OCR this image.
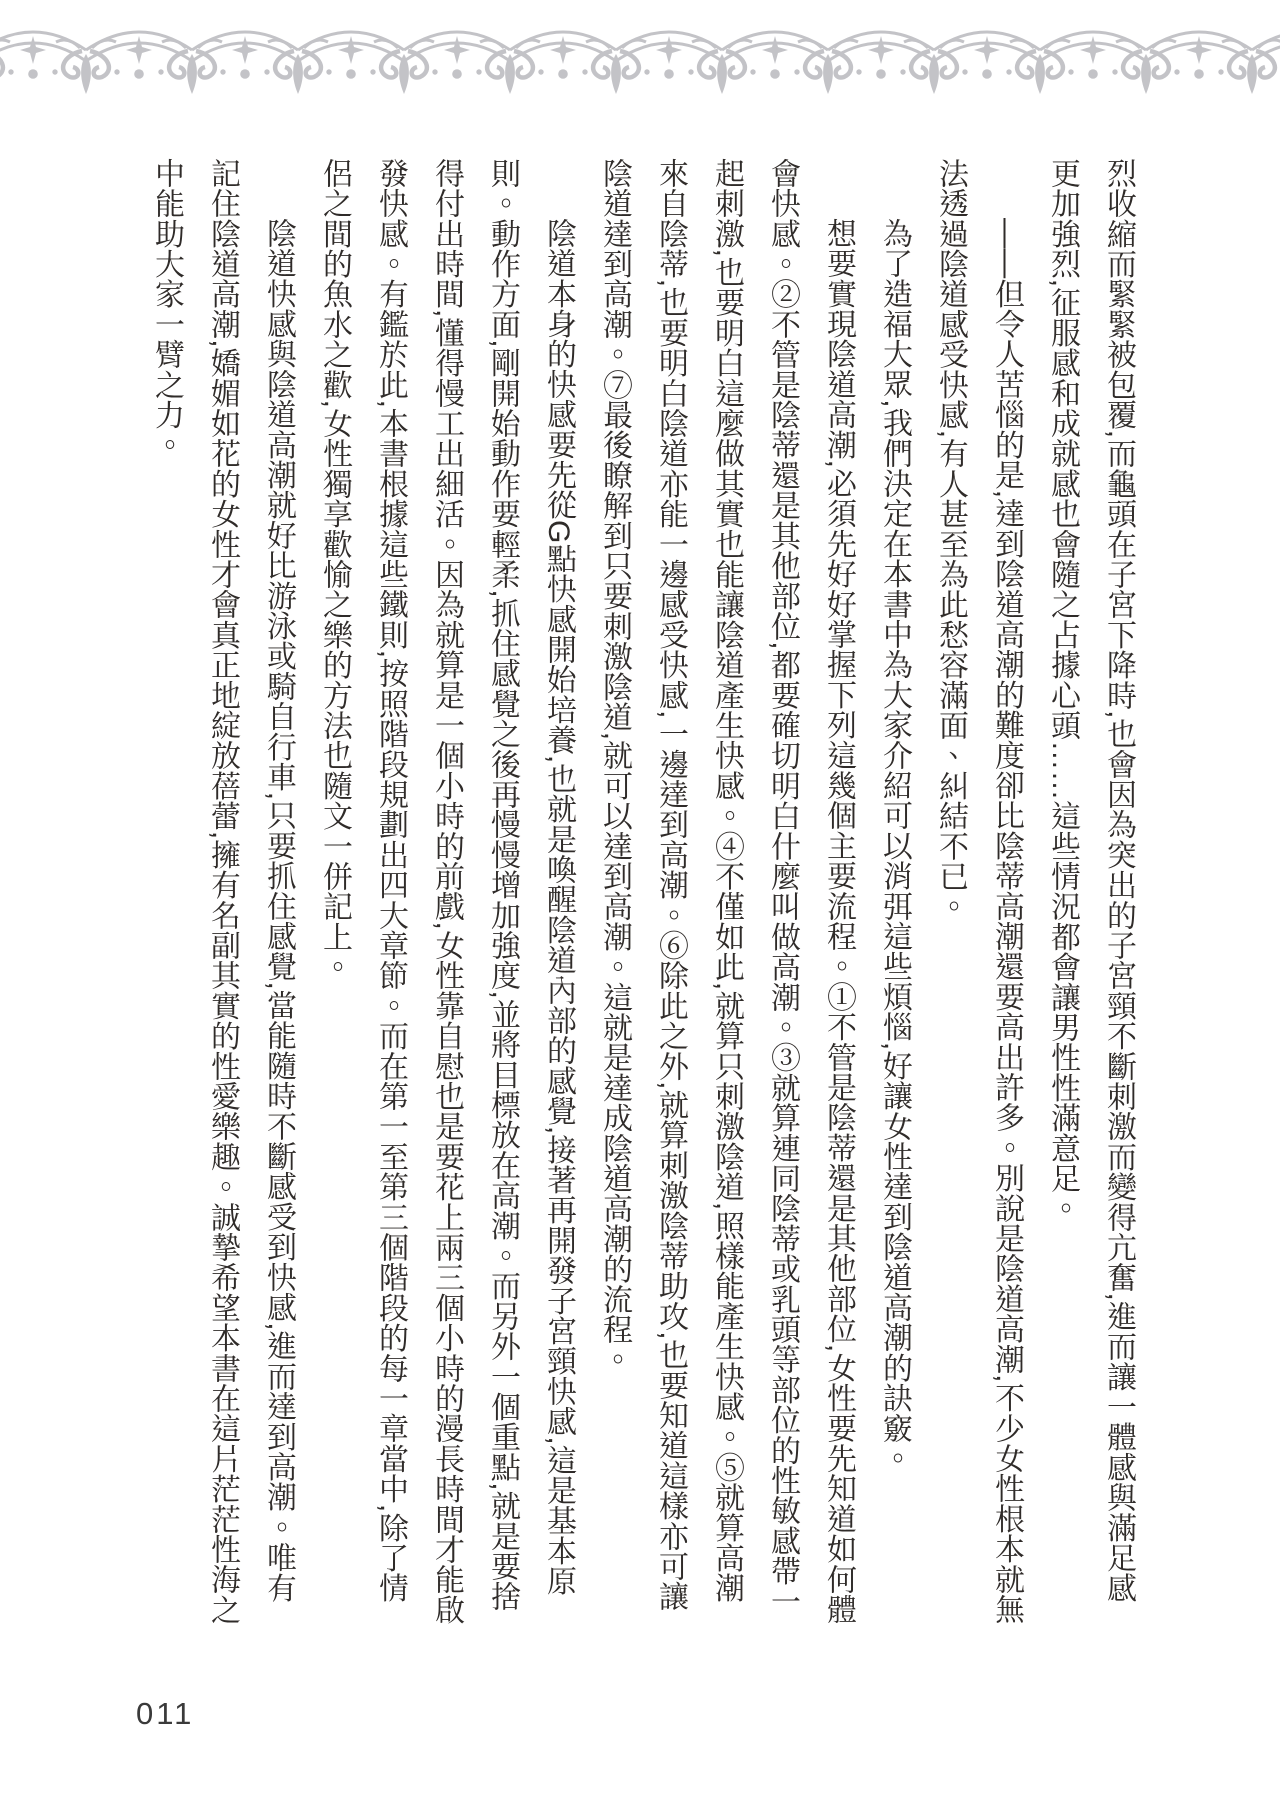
烈收縮而緊緊被包覆,而龜頭在子宮下降時,也會因為突出的子宮頸不斷刺激而變得亢奮,進而讓一體感與滿足感更加強烈,征服感和成就感也會隨之占據心頭……這些情況都會讓男性性滿意足。

——但令人苦惱的是,達到陰道高潮的難度卻比陰蒂高潮還要高出許多。別說是陰道高潮,不少女性根本就無法透過陰道感受快感,有人甚至為此愁容滿面、糾結不已。

為了造福大眾,我們決定在本書中為大家介紹可以消弭這些煩惱,好讓女性達到陰道高潮的訣竅。

想要實現陰道高潮,必須先好好掌握下列這幾個主要流程。①不管是陰蒂還是其他部位,女性要先知道如何體會快感。②不管是陰蒂還是其他部位,都要確切明白什麼叫做高潮。③就算連同陰蒂或乳頭等部位的性敏感帶一起刺激,也要明白這麼做其實也能讓陰道產生快感。④不僅如此,就算只刺激陰道,照樣能產生快感。⑤就算高潮來自陰蒂,也要明白陰道亦能一邊感受快感,一邊達到高潮。⑥除此之外,就算刺激陰蒂助攻,也要知道這樣亦可讓陰道達到高潮。⑦最後瞭解到只要刺激陰道,就可以達到高潮。這就是達成陰道高潮的流程。

陰道本身的快感要先從G點快感開始培養,也就是喚醒陰道內部的感覺,接著再開發子宮頸快感,這是基本原則。動作方面,剛開始動作要輕柔,抓住感覺之後再慢慢增加強度,並將目標放在高潮。而另外一個重點,就是要捨得付出時間,懂得慢工出細活。因為就算是一個小時的前戲,女性靠自慰也是要花上兩三個小時的漫長時間才能啟發快感。有鑑於此,本書根據這些鐵則,按照階段規劃出四大章節。而在第一至第三個階段的每一章當中,除了情侶之間的魚水之歡,女性獨享歡愉之樂的方法也隨文一併記上。

陰道快感與陰道高潮就好比游泳或騎自行車,只要抓住感覺,當能隨時不斷感受到快感,進而達到高潮。唯有記住陰道高潮,嬌媚如花的女性才會真正地綻放蓓蕾,擁有名副其實的性愛樂趣。誠摯希望本書在這片茫茫性海之中能助大家一臂之力。

011
